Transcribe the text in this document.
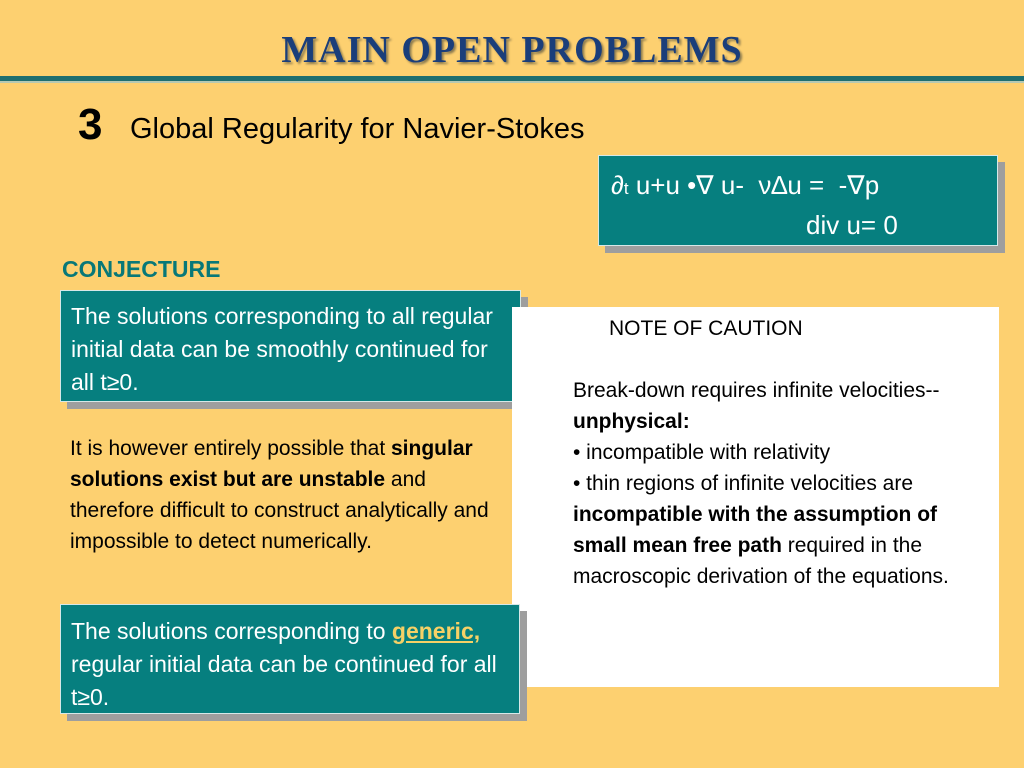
MAIN OPEN PROBLEMS
3 Global Regularity for Navier-Stokes
∂t u+u •∇ u-  ν∆u =  -∇p
div u= 0
CONJECTURE
The solutions corresponding to all regular initial data can be smoothly continued for all t≥0.
NOTE OF CAUTION
Break-down requires infinite velocities--unphysical:
• incompatible with relativity
• thin regions of infinite velocities are incompatible with the assumption of small mean free path required in the macroscopic derivation of the equations.
It is however entirely possible that singular solutions exist but are unstable and therefore difficult to construct analytically and impossible to detect numerically.
The solutions corresponding to generic, regular initial data can be continued for all t≥0.
